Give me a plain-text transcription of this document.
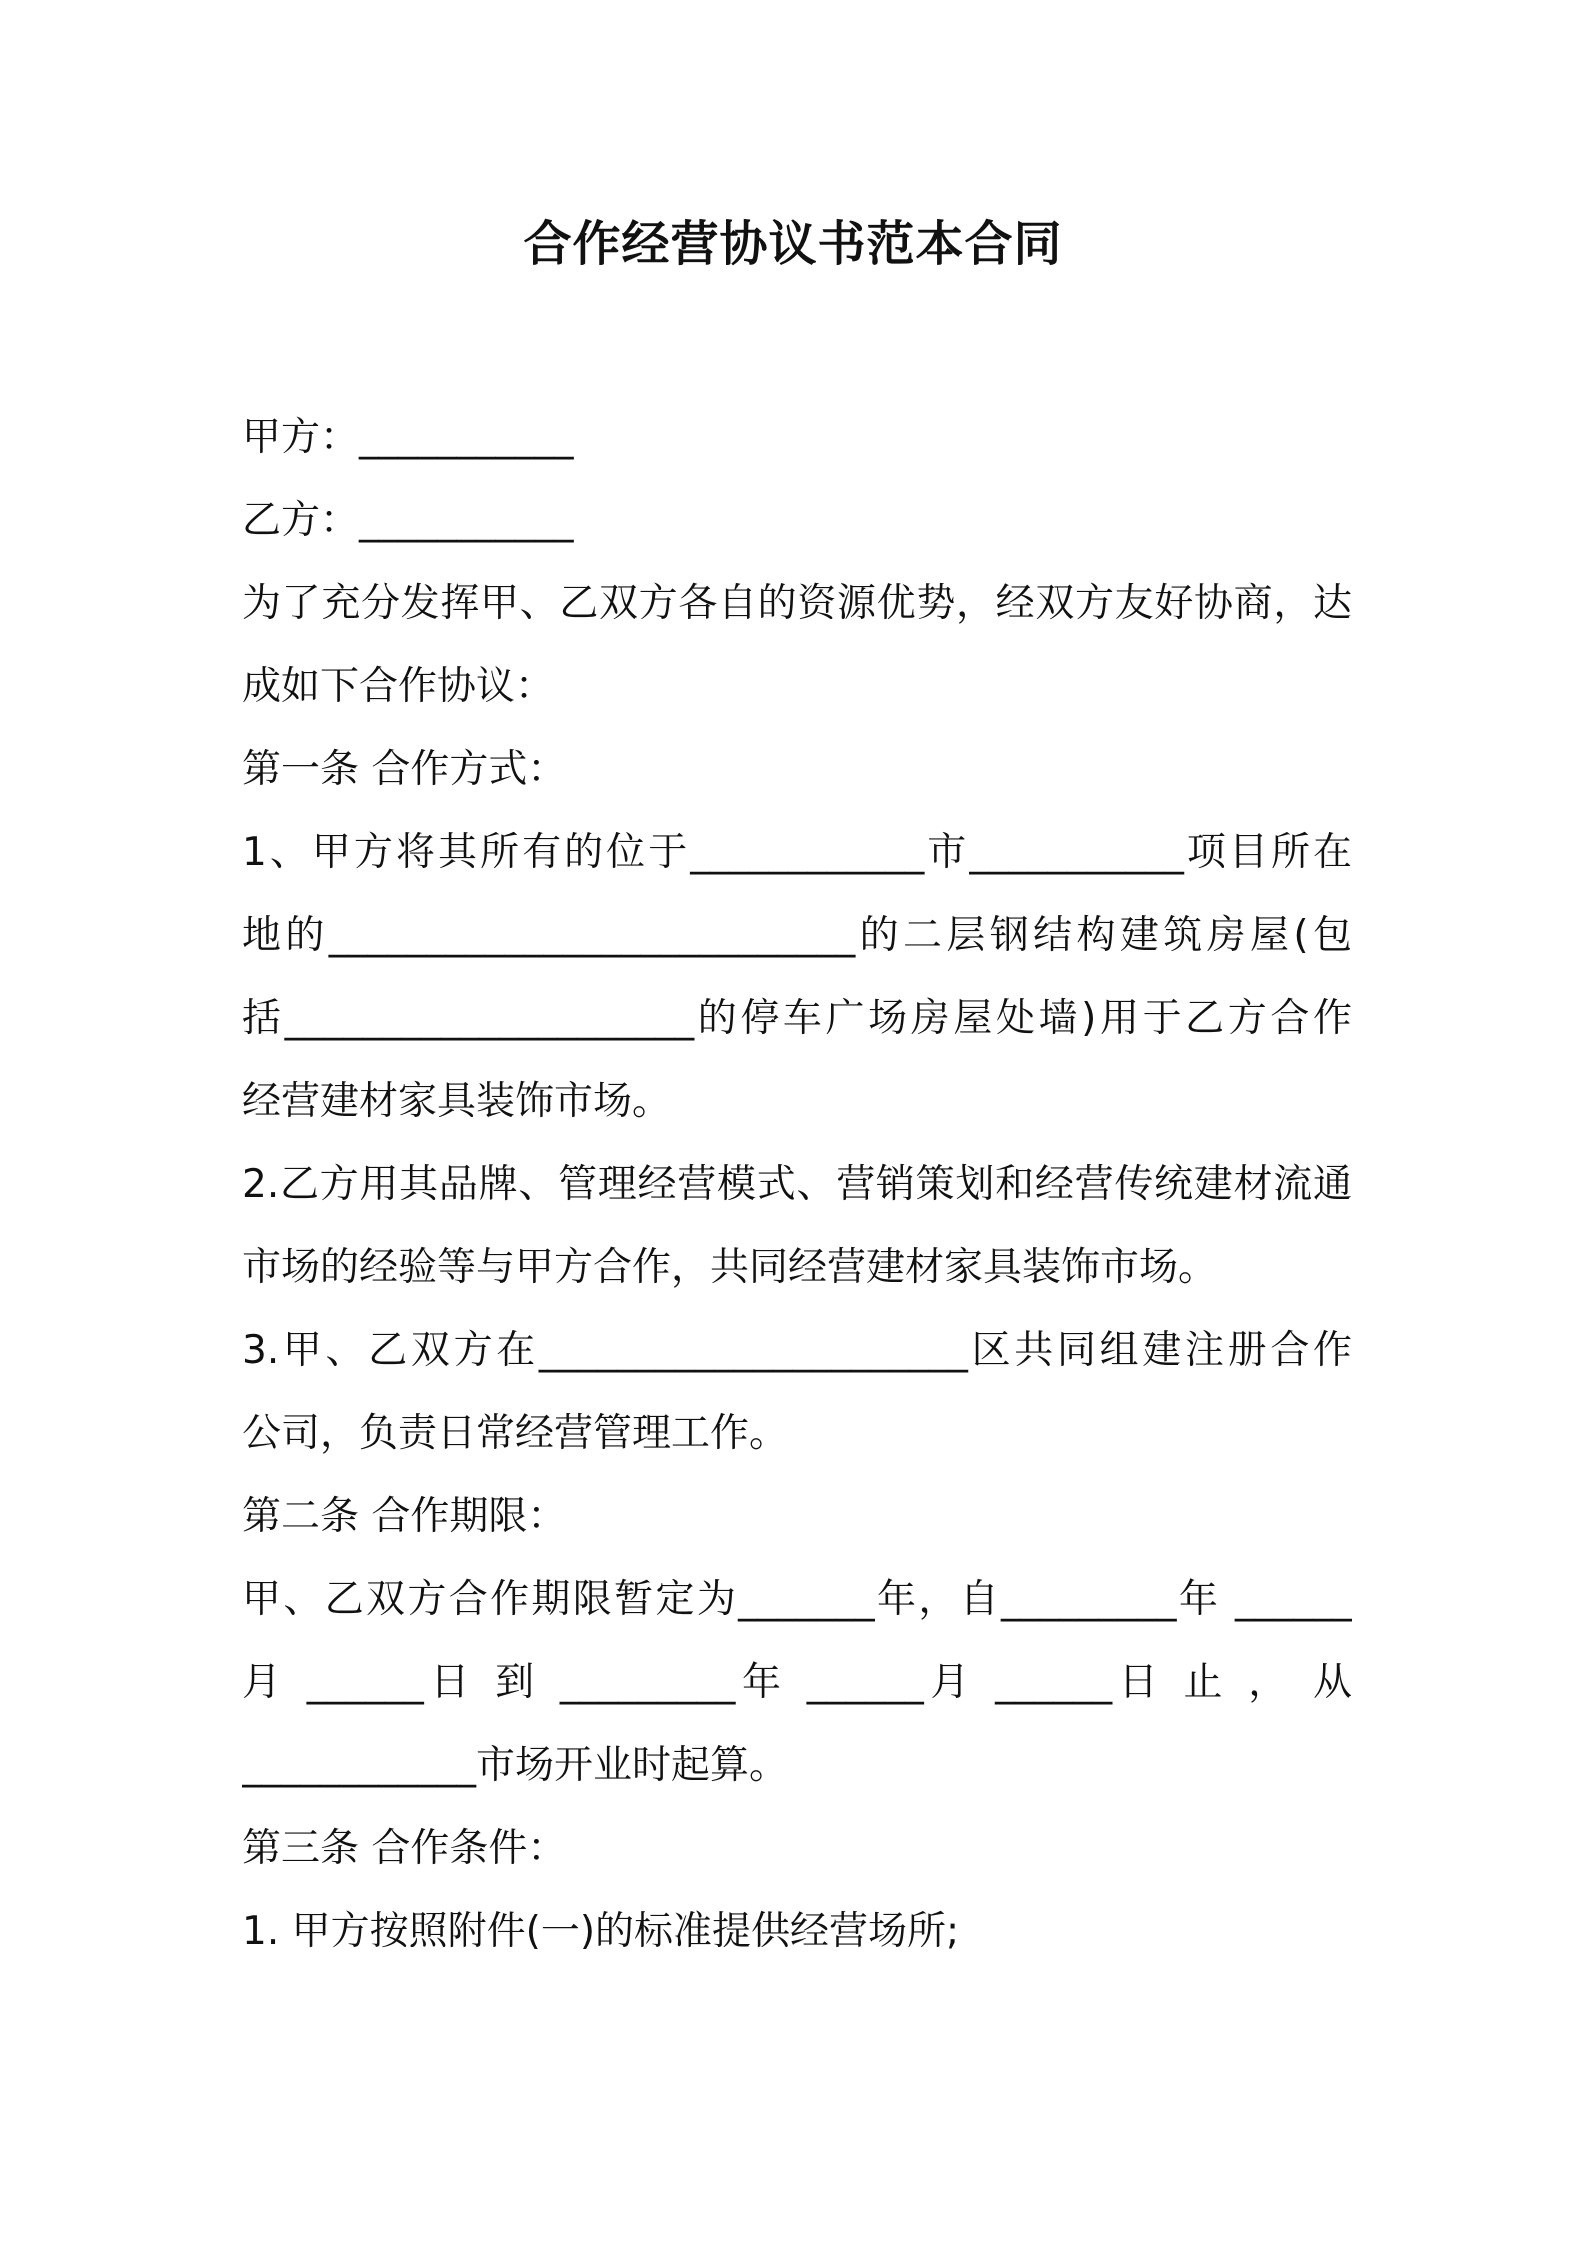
合作经营协议书范本合同
甲方：___________
乙方：___________
为了充分发挥甲、乙双方各自的资源优势，经双方友好协商，达
成如下合作协议：
第一条 合作方式：
1、甲方将其所有的位于____________市___________项目所在
地的___________________________的二层钢结构建筑房屋(包
括_____________________的停车广场房屋处墙)用于乙方合作
经营建材家具装饰市场。
2.乙方用其品牌、管理经营模式、营销策划和经营传统建材流通
市场的经验等与甲方合作，共同经营建材家具装饰市场。
3.甲、乙双方在______________________区共同组建注册合作
公司，负责日常经营管理工作。
第二条 合作期限：
甲、乙双方合作期限暂定为_______年，自_________年 ______
月 ______日 到 _________年 ______月 ______日 止 ， 从
____________市场开业时起算。
第三条 合作条件：
1. 甲方按照附件(一)的标准提供经营场所;
